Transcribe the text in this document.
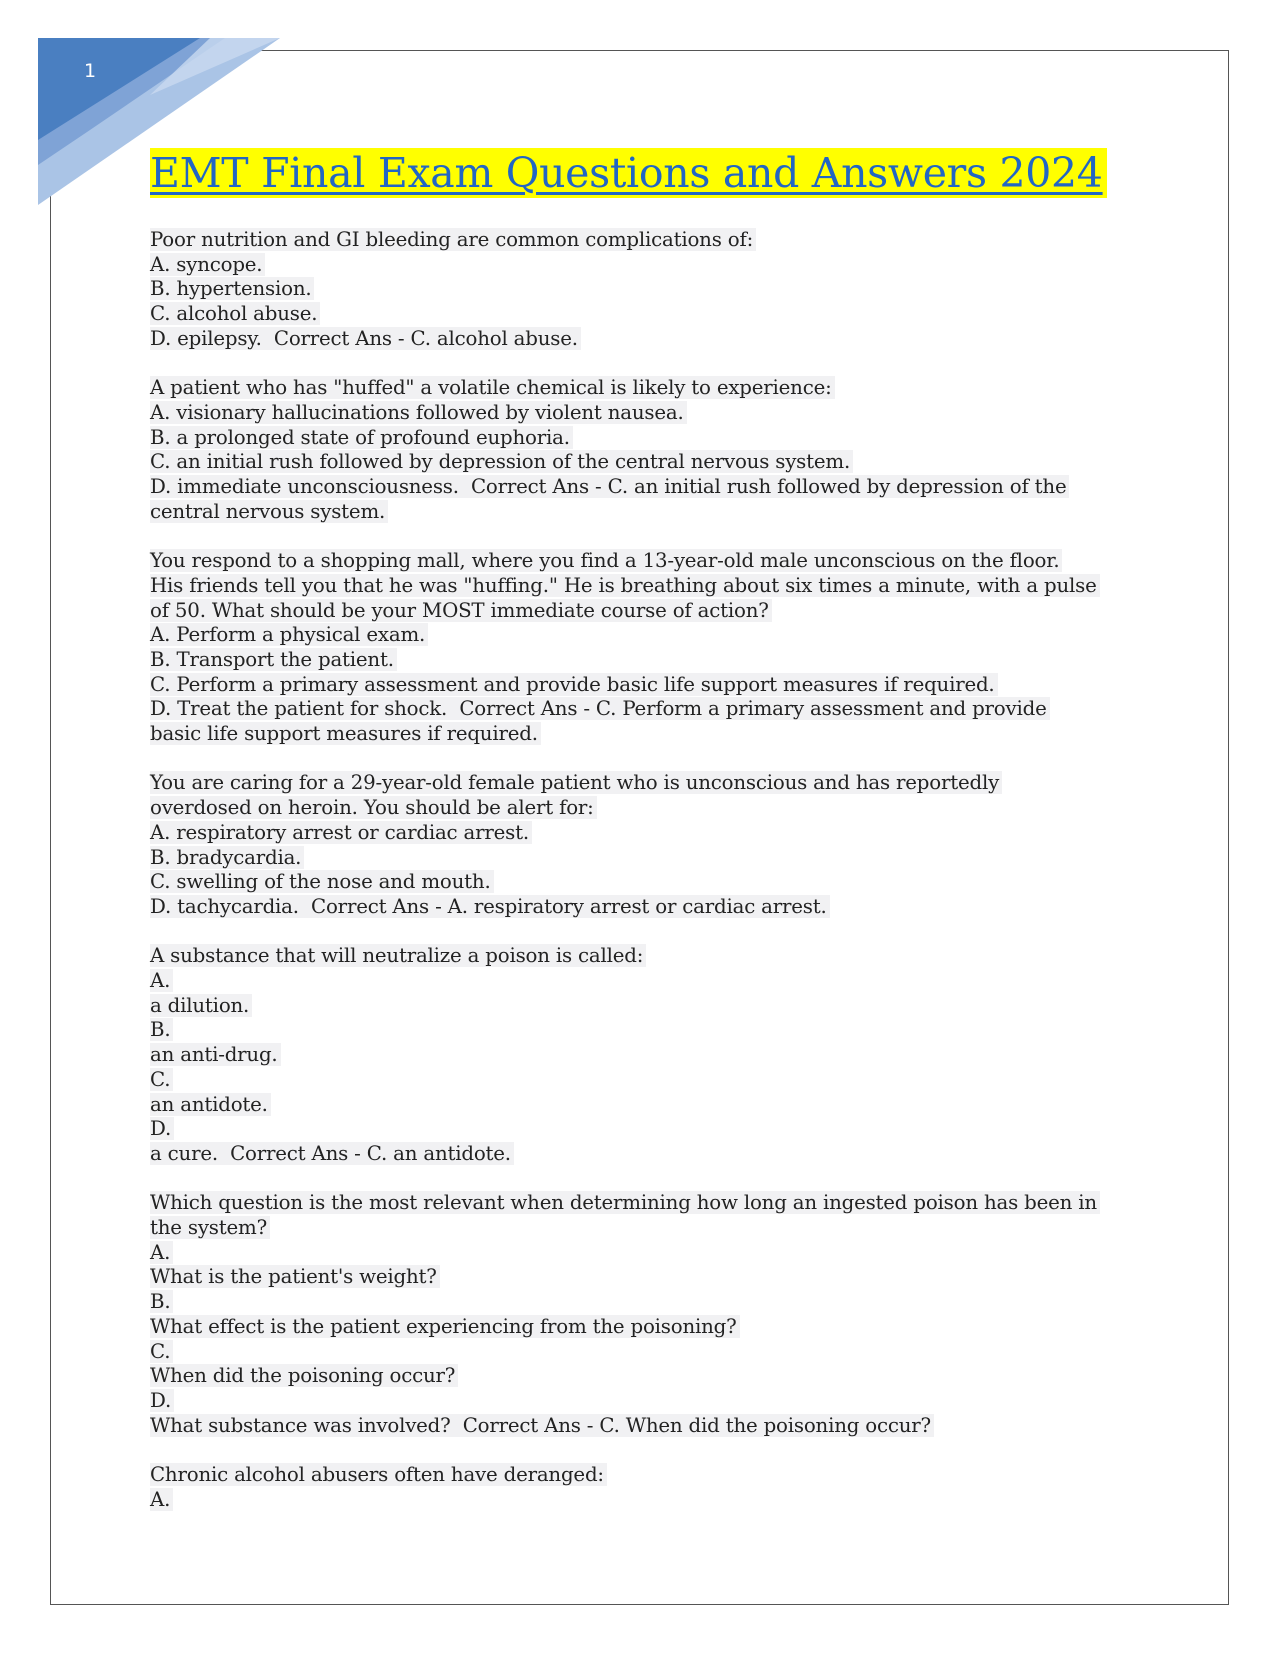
1
EMT Final Exam Questions and Answers 2024
Poor nutrition and GI bleeding are common complications of:
A. syncope.
B. hypertension.
C. alcohol abuse.
D. epilepsy.  Correct Ans - C. alcohol abuse.
A patient who has "huffed" a volatile chemical is likely to experience:
A. visionary hallucinations followed by violent nausea.
B. a prolonged state of profound euphoria.
C. an initial rush followed by depression of the central nervous system.
D. immediate unconsciousness.  Correct Ans - C. an initial rush followed by depression of the
central nervous system.
You respond to a shopping mall, where you find a 13-year-old male unconscious on the floor.
His friends tell you that he was "huffing." He is breathing about six times a minute, with a pulse
of 50. What should be your MOST immediate course of action?
A. Perform a physical exam.
B. Transport the patient.
C. Perform a primary assessment and provide basic life support measures if required.
D. Treat the patient for shock.  Correct Ans - C. Perform a primary assessment and provide
basic life support measures if required.
You are caring for a 29-year-old female patient who is unconscious and has reportedly
overdosed on heroin. You should be alert for:
A. respiratory arrest or cardiac arrest.
B. bradycardia.
C. swelling of the nose and mouth.
D. tachycardia.  Correct Ans - A. respiratory arrest or cardiac arrest.
A substance that will neutralize a poison is called:
A.
a dilution.
B.
an anti-drug.
C.
an antidote.
D.
a cure.  Correct Ans - C. an antidote.
Which question is the most relevant when determining how long an ingested poison has been in
the system?
A.
What is the patient's weight?
B.
What effect is the patient experiencing from the poisoning?
C.
When did the poisoning occur?
D.
What substance was involved?  Correct Ans - C. When did the poisoning occur?
Chronic alcohol abusers often have deranged:
A.
